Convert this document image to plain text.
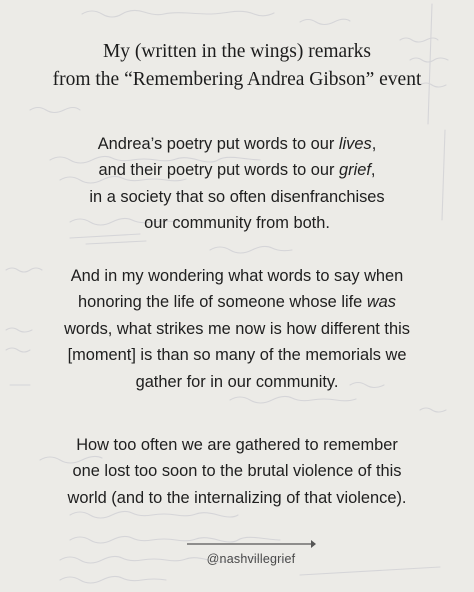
My (written in the wings) remarks
from the “Remembering Andrea Gibson” event
Andrea’s poetry put words to our lives,
and their poetry put words to our grief,
in a society that so often disenfranchises
our community from both.
And in my wondering what words to say when
honoring the life of someone whose life was
words, what strikes me now is how different this
[moment] is than so many of the memorials we
gather for in our community.
How too often we are gathered to remember
one lost too soon to the brutal violence of this
world (and to the internalizing of that violence).
@nashvillegrief
